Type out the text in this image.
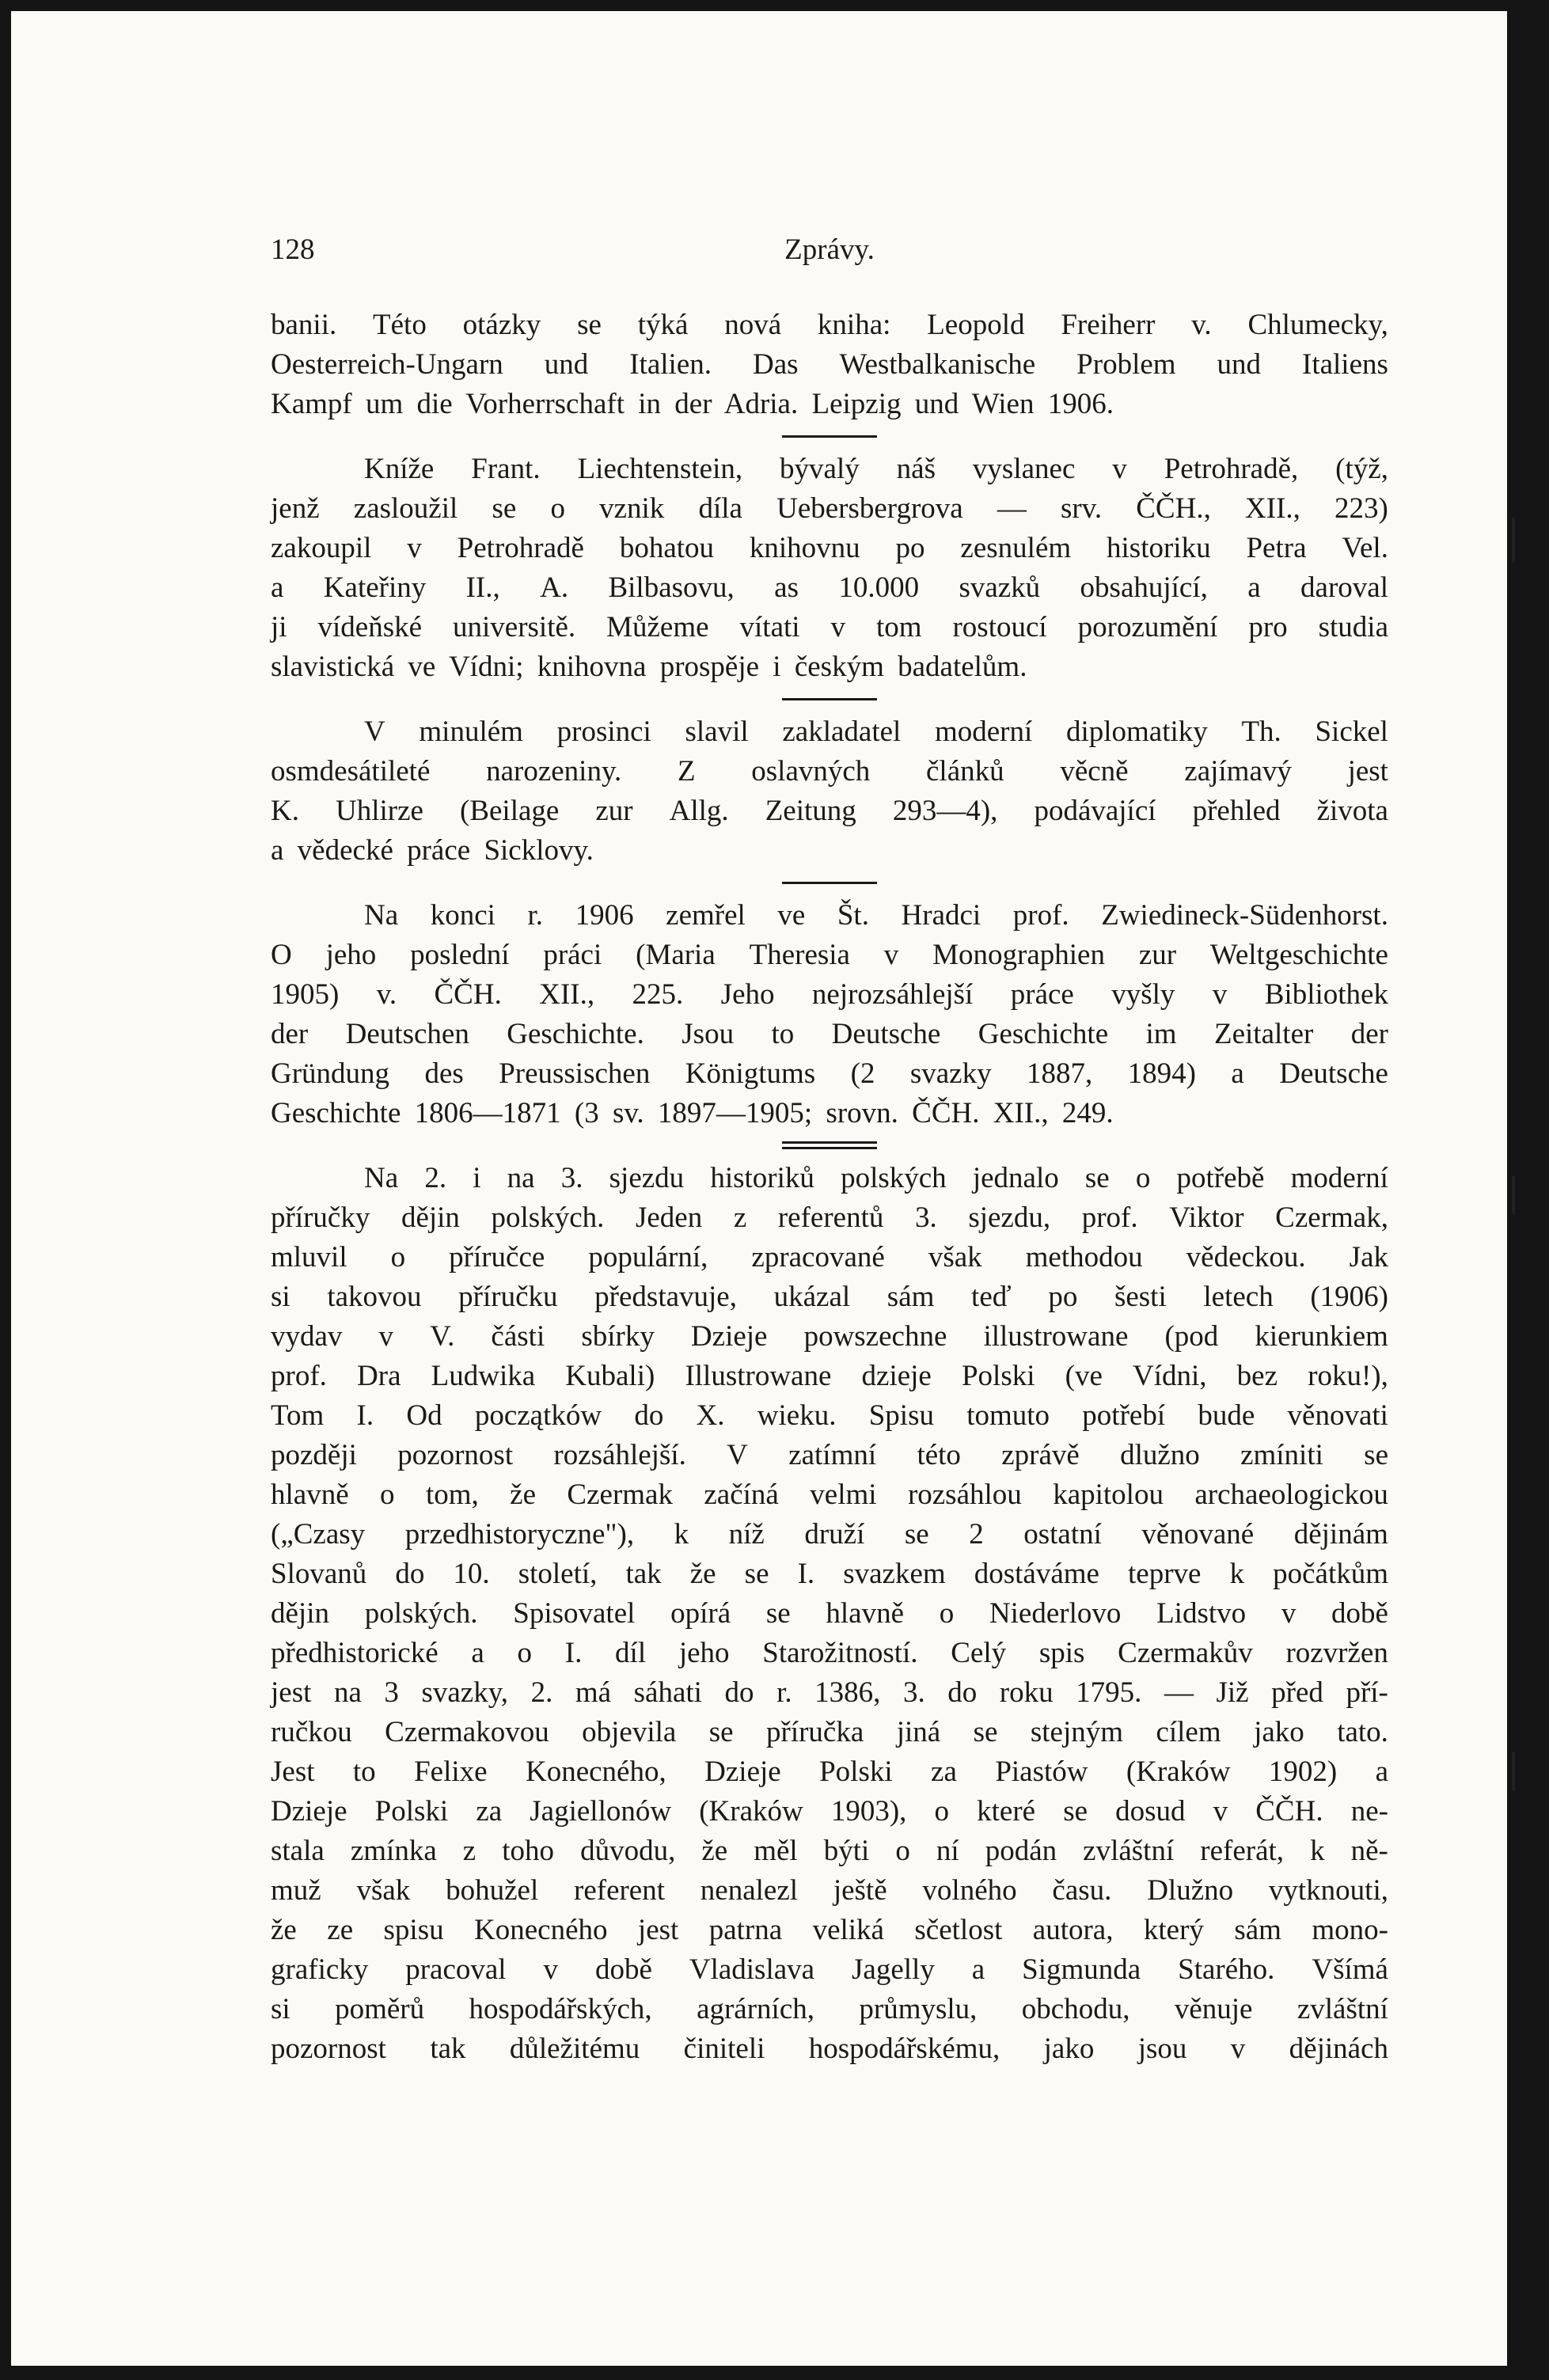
128	Zprávy.
banii. Této otázky se týká nová kniha: Leopold Freiherr v. Chlumecky,
Oesterreich-Ungarn und Italien. Das Westbalkanische Problem und Italiens
Kampf um die Vorherrschaft in der Adria. Leipzig und Wien 1906.
Kníže Frant. Liechtenstein, bývalý náš vyslanec v Petrohradě, (týž,
jenž zasloužil se o vznik díla Uebersbergrova — srv. ČČH., XII., 223)
zakoupil v Petrohradě bohatou knihovnu po zesnulém historiku Petra Vel.
a Kateřiny II., A. Bilbasovu, as 10.000 svazků obsahující, a daroval
ji vídeňské universitě. Můžeme vítati v tom rostoucí porozumění pro studia
slavistická ve Vídni; knihovna prospěje i českým badatelům.
V minulém prosinci slavil zakladatel moderní diplomatiky Th. Sickel
osmdesátileté narozeniny. Z oslavných článků věcně zajímavý jest
K. Uhlirze (Beilage zur Allg. Zeitung 293—4), podávající přehled života
a vědecké práce Sicklovy.
Na konci r. 1906 zemřel ve Št. Hradci prof. Zwiedineck-Südenhorst.
O jeho poslední práci (Maria Theresia v Monographien zur Weltgeschichte
1905) v. ČČH. XII., 225. Jeho nejrozsáhlejší práce vyšly v Bibliothek
der Deutschen Geschichte. Jsou to Deutsche Geschichte im Zeitalter der
Gründung des Preussischen Königtums (2 svazky 1887, 1894) a Deutsche
Geschichte 1806—1871 (3 sv. 1897—1905; srovn. ČČH. XII., 249.
Na 2. i na 3. sjezdu historiků polských jednalo se o potřebě moderní
příručky dějin polských. Jeden z referentů 3. sjezdu, prof. Viktor Czermak,
mluvil o příručce populární, zpracované však methodou vědeckou. Jak
si takovou příručku představuje, ukázal sám teď po šesti letech (1906)
vydav v V. části sbírky Dzieje powszechne illustrowane (pod kierunkiem
prof. Dra Ludwika Kubali) Illustrowane dzieje Polski (ve Vídni, bez roku!),
Tom I. Od początków do X. wieku. Spisu tomuto potřebí bude věnovati
později pozornost rozsáhlejší. V zatímní této zprávě dlužno zmíniti se
hlavně o tom, že Czermak začíná velmi rozsáhlou kapitolou archaeologickou
(„Czasy przedhistoryczne"), k níž druží se 2 ostatní věnované dějinám
Slovanů do 10. století, tak že se I. svazkem dostáváme teprve k počátkům
dějin polských. Spisovatel opírá se hlavně o Niederlovo Lidstvo v době
předhistorické a o I. díl jeho Starožitností. Celý spis Czermakův rozvržen
jest na 3 svazky, 2. má sáhati do r. 1386, 3. do roku 1795. — Již před pří-
ručkou Czermakovou objevila se příručka jiná se stejným cílem jako tato.
Jest to Felixe Konecného, Dzieje Polski za Piastów (Kraków 1902) a
Dzieje Polski za Jagiellonów (Kraków 1903), o které se dosud v ČČH. ne-
stala zmínka z toho důvodu, že měl býti o ní podán zvláštní referát, k ně-
muž však bohužel referent nenalezl ještě volného času. Dlužno vytknouti,
že ze spisu Konecného jest patrna veliká sčetlost autora, který sám mono-
graficky pracoval v době Vladislava Jagelly a Sigmunda Starého. Všímá
si poměrů hospodářských, agrárních, průmyslu, obchodu, věnuje zvláštní
pozornost tak důležitému činiteli hospodářskému, jako jsou v dějinách
